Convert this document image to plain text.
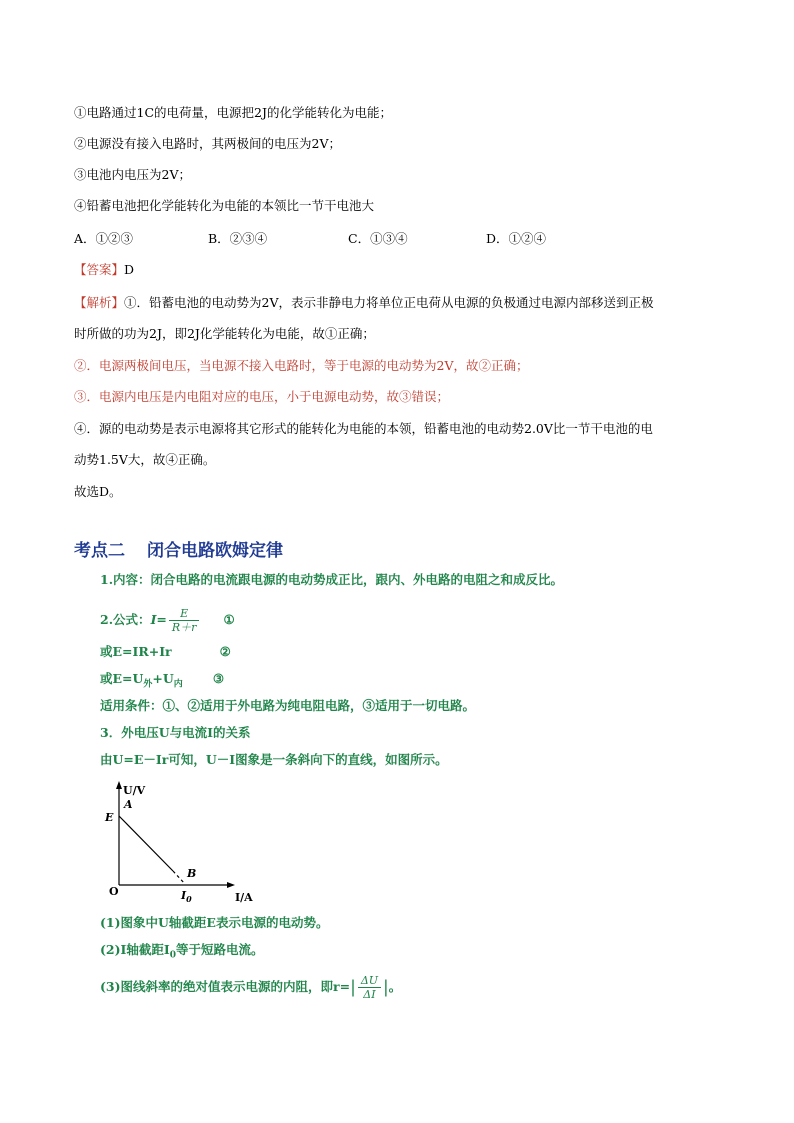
①电路通过1C的电荷量，电源把2J的化学能转化为电能；
②电源没有接入电路时，其两极间的电压为2V；
③电池内电压为2V；
④铅蓄电池把化学能转化为电能的本领比一节干电池大
A．①②③	B．②③④	C．①③④	D．①②④
【答案】D
【解析】①．铅蓄电池的电动势为2V，表示非静电力将单位正电荷从电源的负极通过电源内部移送到正极
时所做的功为2J，即2J化学能转化为电能，故①正确；
②．电源两极间电压，当电源不接入电路时，等于电源的电动势为2V，故②正确；
③．电源内电压是内电阻对应的电压，小于电源电动势，故③错误；
④．源的电动势是表示电源将其它形式的能转化为电能的本领，铅蓄电池的电动势2.0V比一节干电池的电
动势1.5V大，故④正确。
故选D。
考点二 闭合电路欧姆定律
1.内容：闭合电路的电流跟电源的电动势成正比，跟内、外电路的电阻之和成反比。
2.公式：$I= \frac{E}{R+r}$ ①
或E=IR+Ir	②
或$E=U_外+U_内$ ③
适用条件：①、②适用于外电路为纯电阻电路，③适用于一切电路。
3．外电压U与电流I的关系
由U=E－Ir可知，U－I图象是一条斜向下的直线，如图所示。
U/V
I/A
O
E
A
B
$I_0$
(1)图象中U轴截距E表示电源的电动势。
(2)I轴截距$I_0$等于短路电流。
(3)图线斜率的绝对值表示电源的内阻，即$r=| \frac{\Delta U}{\Delta I}$ |。
